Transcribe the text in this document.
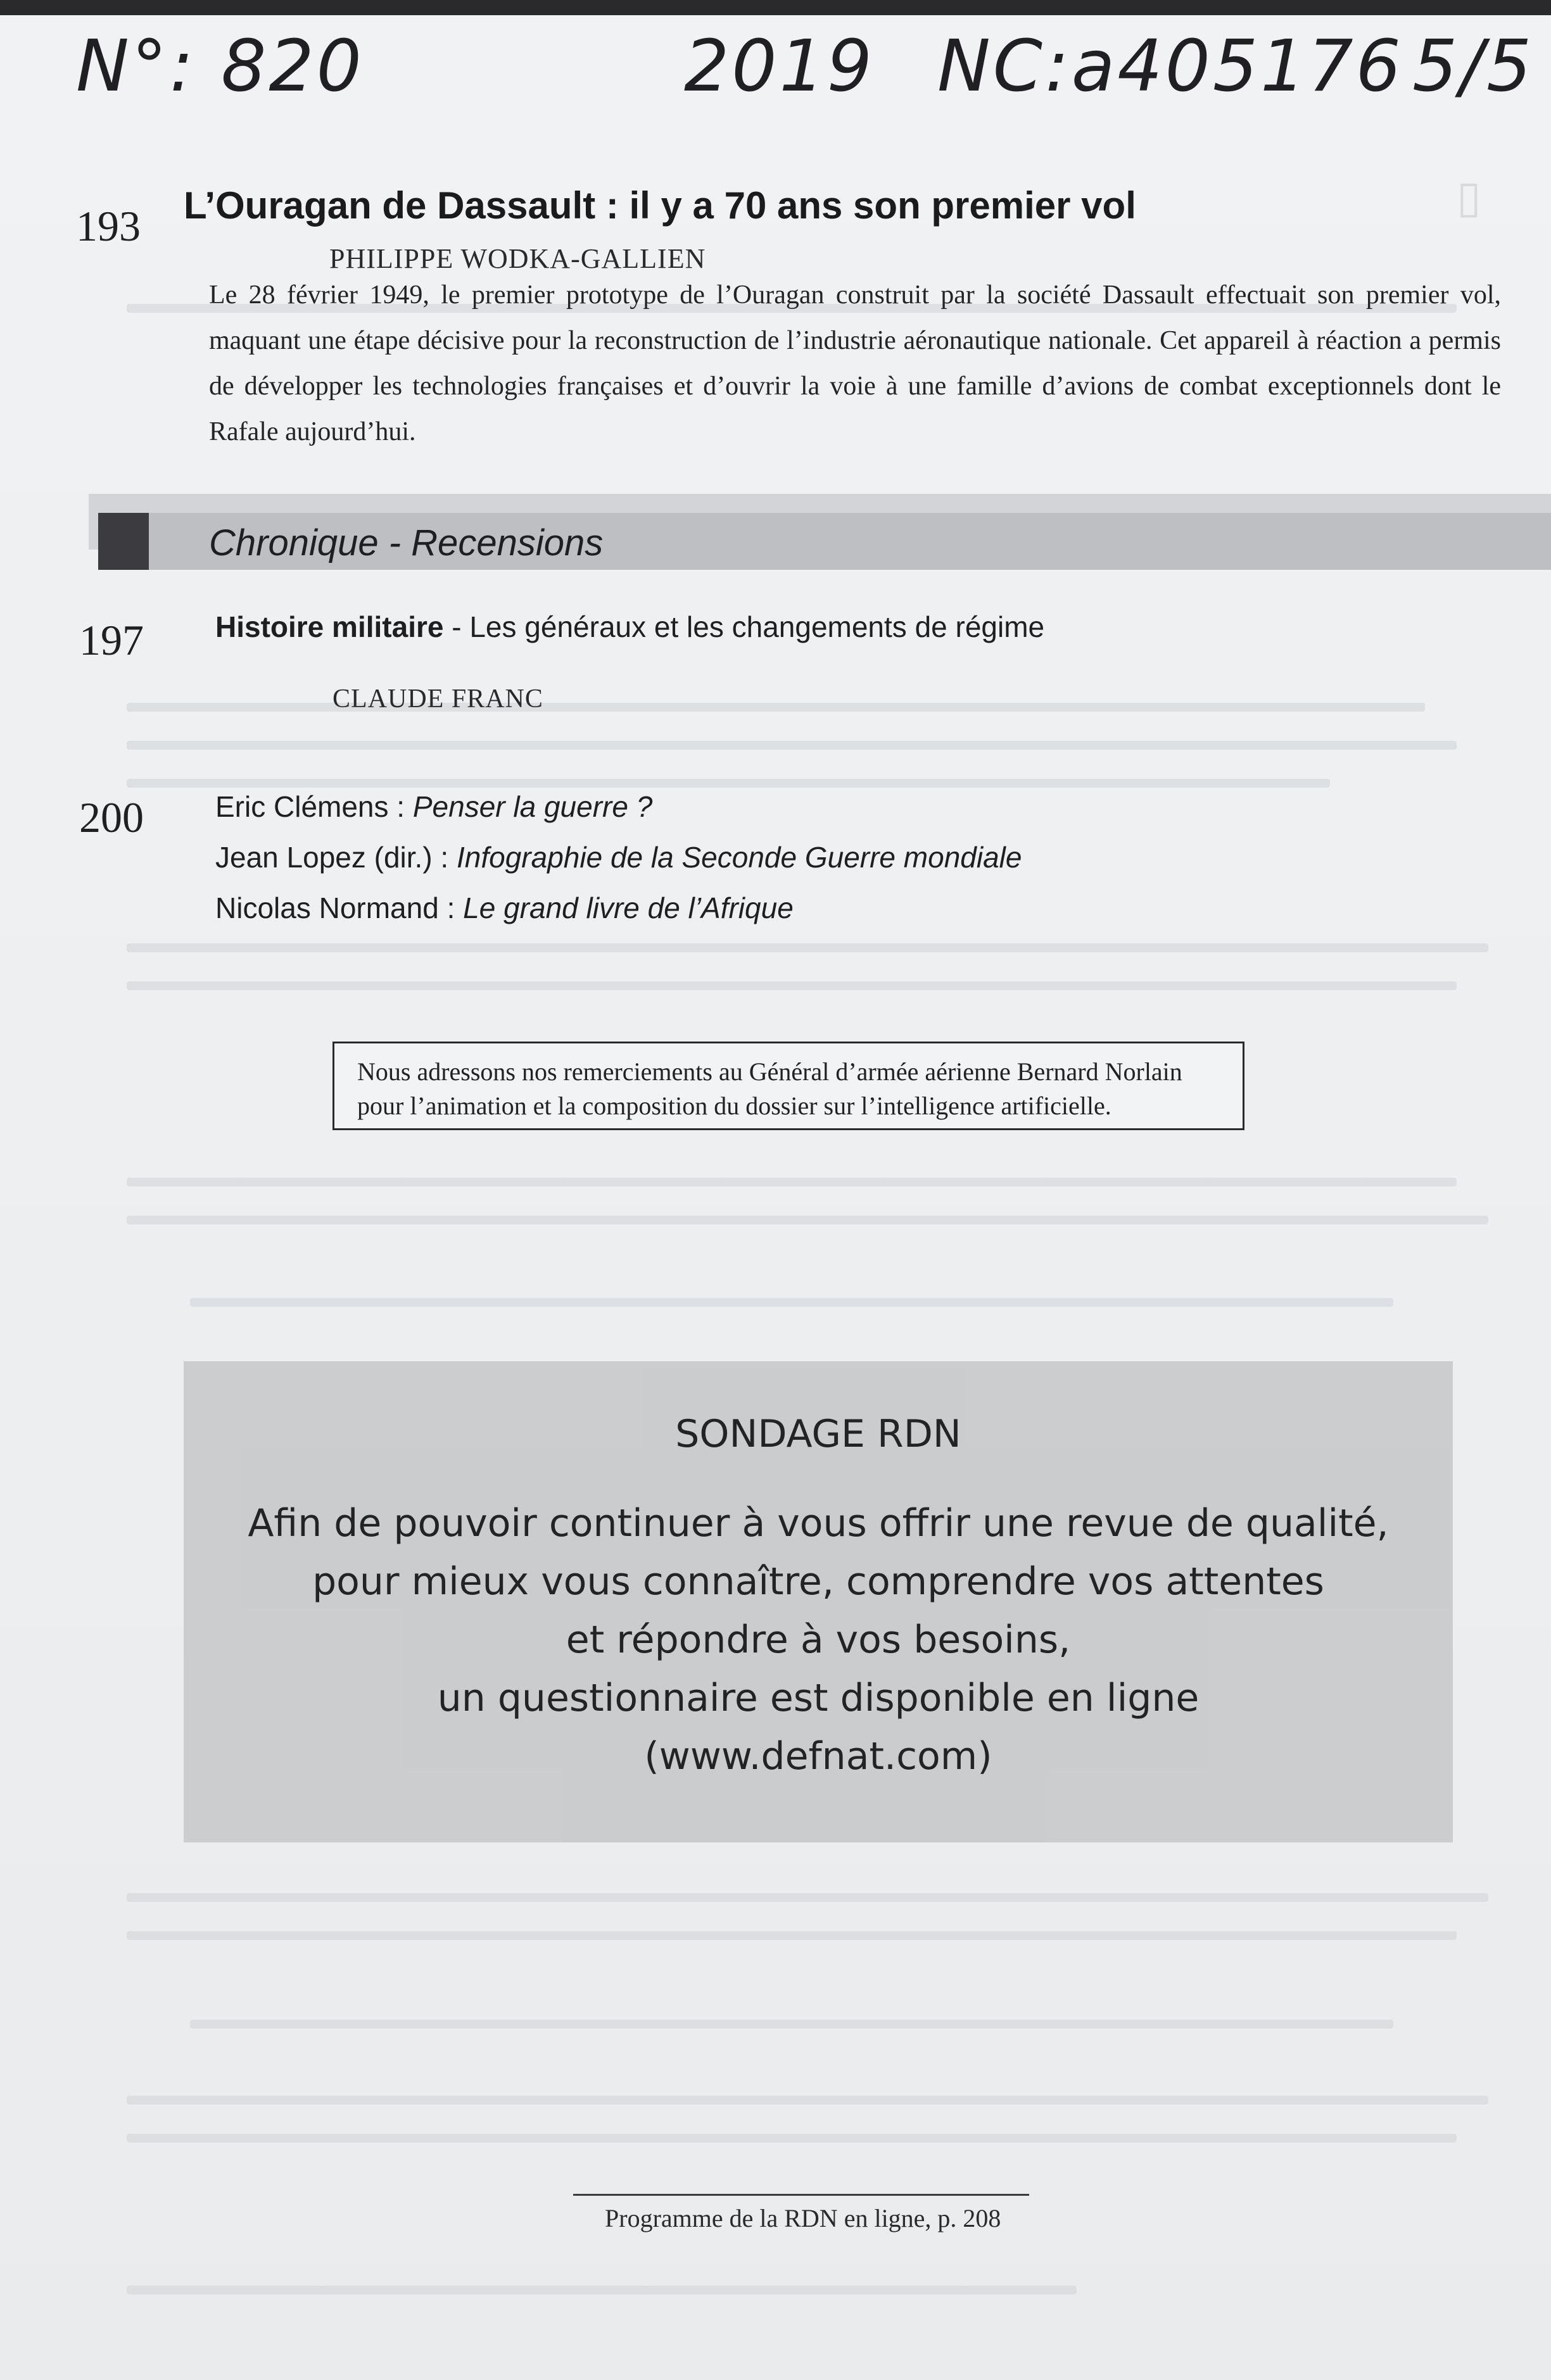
▯
N°: 820	2019 NC:a405176 5/5
193 L’Ouragan de Dassault : il y a 70 ans son premier vol
PHILIPPE WODKA-GALLIEN
Le 28 février 1949, le premier prototype de l’Ouragan construit par la société Dassault effectuait son premier vol, maquant une étape décisive pour la reconstruction de l’industrie aéronautique nationale. Cet appareil à réaction a permis de développer les technologies françaises et d’ouvrir la voie à une famille d’avions de combat exceptionnels dont le Rafale aujourd’hui.
Chronique - Recensions
197 Histoire militaire - Les généraux et les changements de régime
CLAUDE FRANC
200 Eric Clémens : Penser la guerre ?
Jean Lopez (dir.) : Infographie de la Seconde Guerre mondiale
Nicolas Normand : Le grand livre de l’Afrique
Nous adressons nos remerciements au Général d’armée aérienne Bernard Norlain pour l’animation et la composition du dossier sur l’intelligence artificielle.
SONDAGE RDN
Afin de pouvoir continuer à vous offrir une revue de qualité,
pour mieux vous connaître, comprendre vos attentes
et répondre à vos besoins,
un questionnaire est disponible en ligne
(www.defnat.com)
Programme de la RDN en ligne, p. 208
